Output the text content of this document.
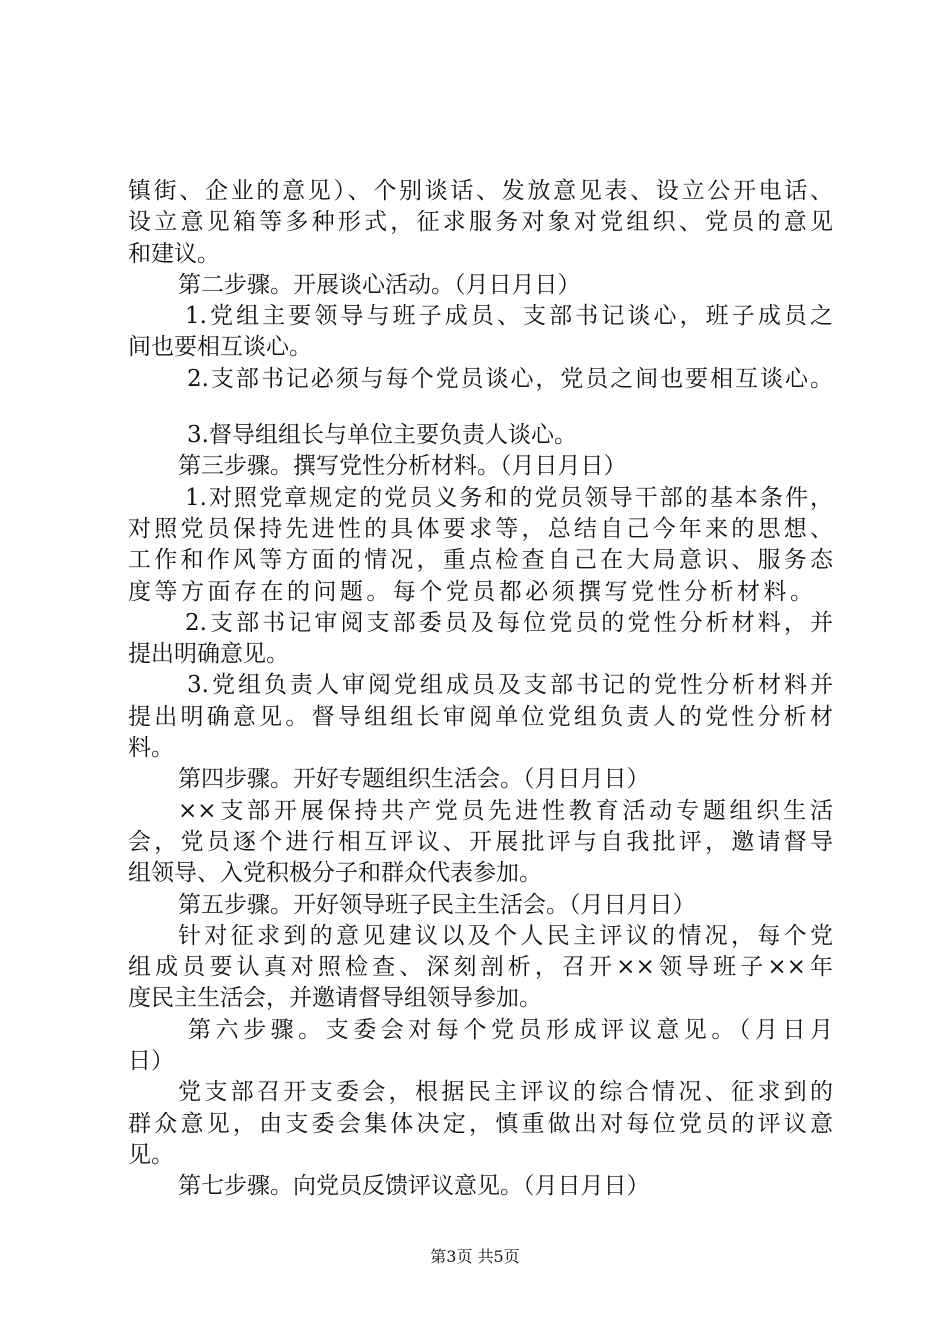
镇街、企业的意见）、个别谈话、发放意见表、设立公开电话、
设立意见箱等多种形式，征求服务对象对党组织、党员的意见
和建议。
第二步骤。开展谈心活动。（月日月日）
1.党组主要领导与班子成员、支部书记谈心，班子成员之
间也要相互谈心。
2.支部书记必须与每个党员谈心，党员之间也要相互谈心。
3.督导组组长与单位主要负责人谈心。
第三步骤。撰写党性分析材料。（月日月日）
1.对照党章规定的党员义务和的党员领导干部的基本条件，
对照党员保持先进性的具体要求等，总结自己今年来的思想、
工作和作风等方面的情况，重点检查自己在大局意识、服务态
度等方面存在的问题。每个党员都必须撰写党性分析材料。
2.支部书记审阅支部委员及每位党员的党性分析材料，并
提出明确意见。
3.党组负责人审阅党组成员及支部书记的党性分析材料并
提出明确意见。督导组组长审阅单位党组负责人的党性分析材
料。
第四步骤。开好专题组织生活会。（月日月日）
××支部开展保持共产党员先进性教育活动专题组织生活
会，党员逐个进行相互评议、开展批评与自我批评，邀请督导
组领导、入党积极分子和群众代表参加。
第五步骤。开好领导班子民主生活会。（月日月日）
针对征求到的意见建议以及个人民主评议的情况，每个党
组成员要认真对照检查、深刻剖析，召开××领导班子××年
度民主生活会，并邀请督导组领导参加。
第六步骤。支委会对每个党员形成评议意见。（月日月
日）
党支部召开支委会，根据民主评议的综合情况、征求到的
群众意见，由支委会集体决定，慎重做出对每位党员的评议意
见。
第七步骤。向党员反馈评议意见。（月日月日）
第3页 共5页
